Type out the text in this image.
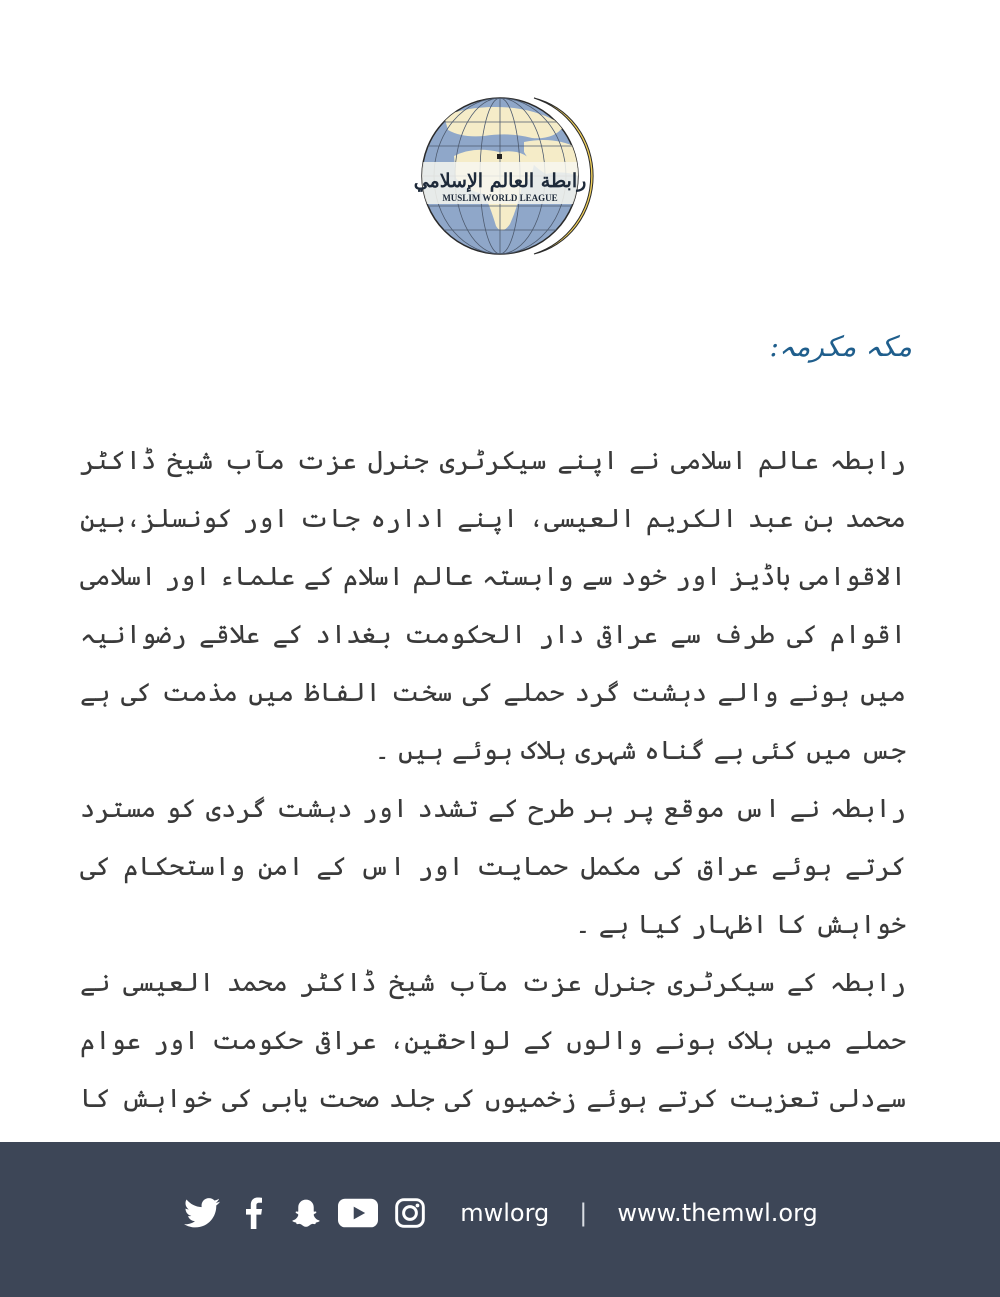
رابطة العالم الإسلامي
MUSLIM WORLD LEAGUE
مکہ مکرمہ:

رابطہ عالم اسلامی نے اپنے سیکرٹری جنرل عزت مآب شیخ ڈاکٹر محمد بن عبد الکریم العیسی، اپنے ادارہ جات اور کونسلز،بین الاقوامی باڈیز اور خود سے وابستہ عالم اسلام کے علماء اور اسلامی اقوام کی طرف سے عراقی دار الحکومت بغداد کے علاقے رضوانیہ میں ہونے والے دہشت گرد حملے کی سخت الفاظ میں مذمت کی ہے جس میں کئی بے گناہ شہری ہلاک ہوئے ہیں ۔

رابطہ نے اس موقع پر ہر طرح کے تشدد اور دہشت گردی کو مسترد کرتے ہوئے عراق کی مکمل حمایت اور اس کے امن واستحکام کی خواہش کا اظہار کیا ہے ۔

رابطہ کے سیکرٹری جنرل عزت مآب شیخ ڈاکٹر محمد العیسی نے حملے میں ہلاک ہونے والوں کے لواحقین، عراقی حکومت اور عوام سےدلی تعزیت کرتے ہوئے زخمیوں کی جلد صحت یابی کی خواہش کا

mwlorg | www.themwl.org
